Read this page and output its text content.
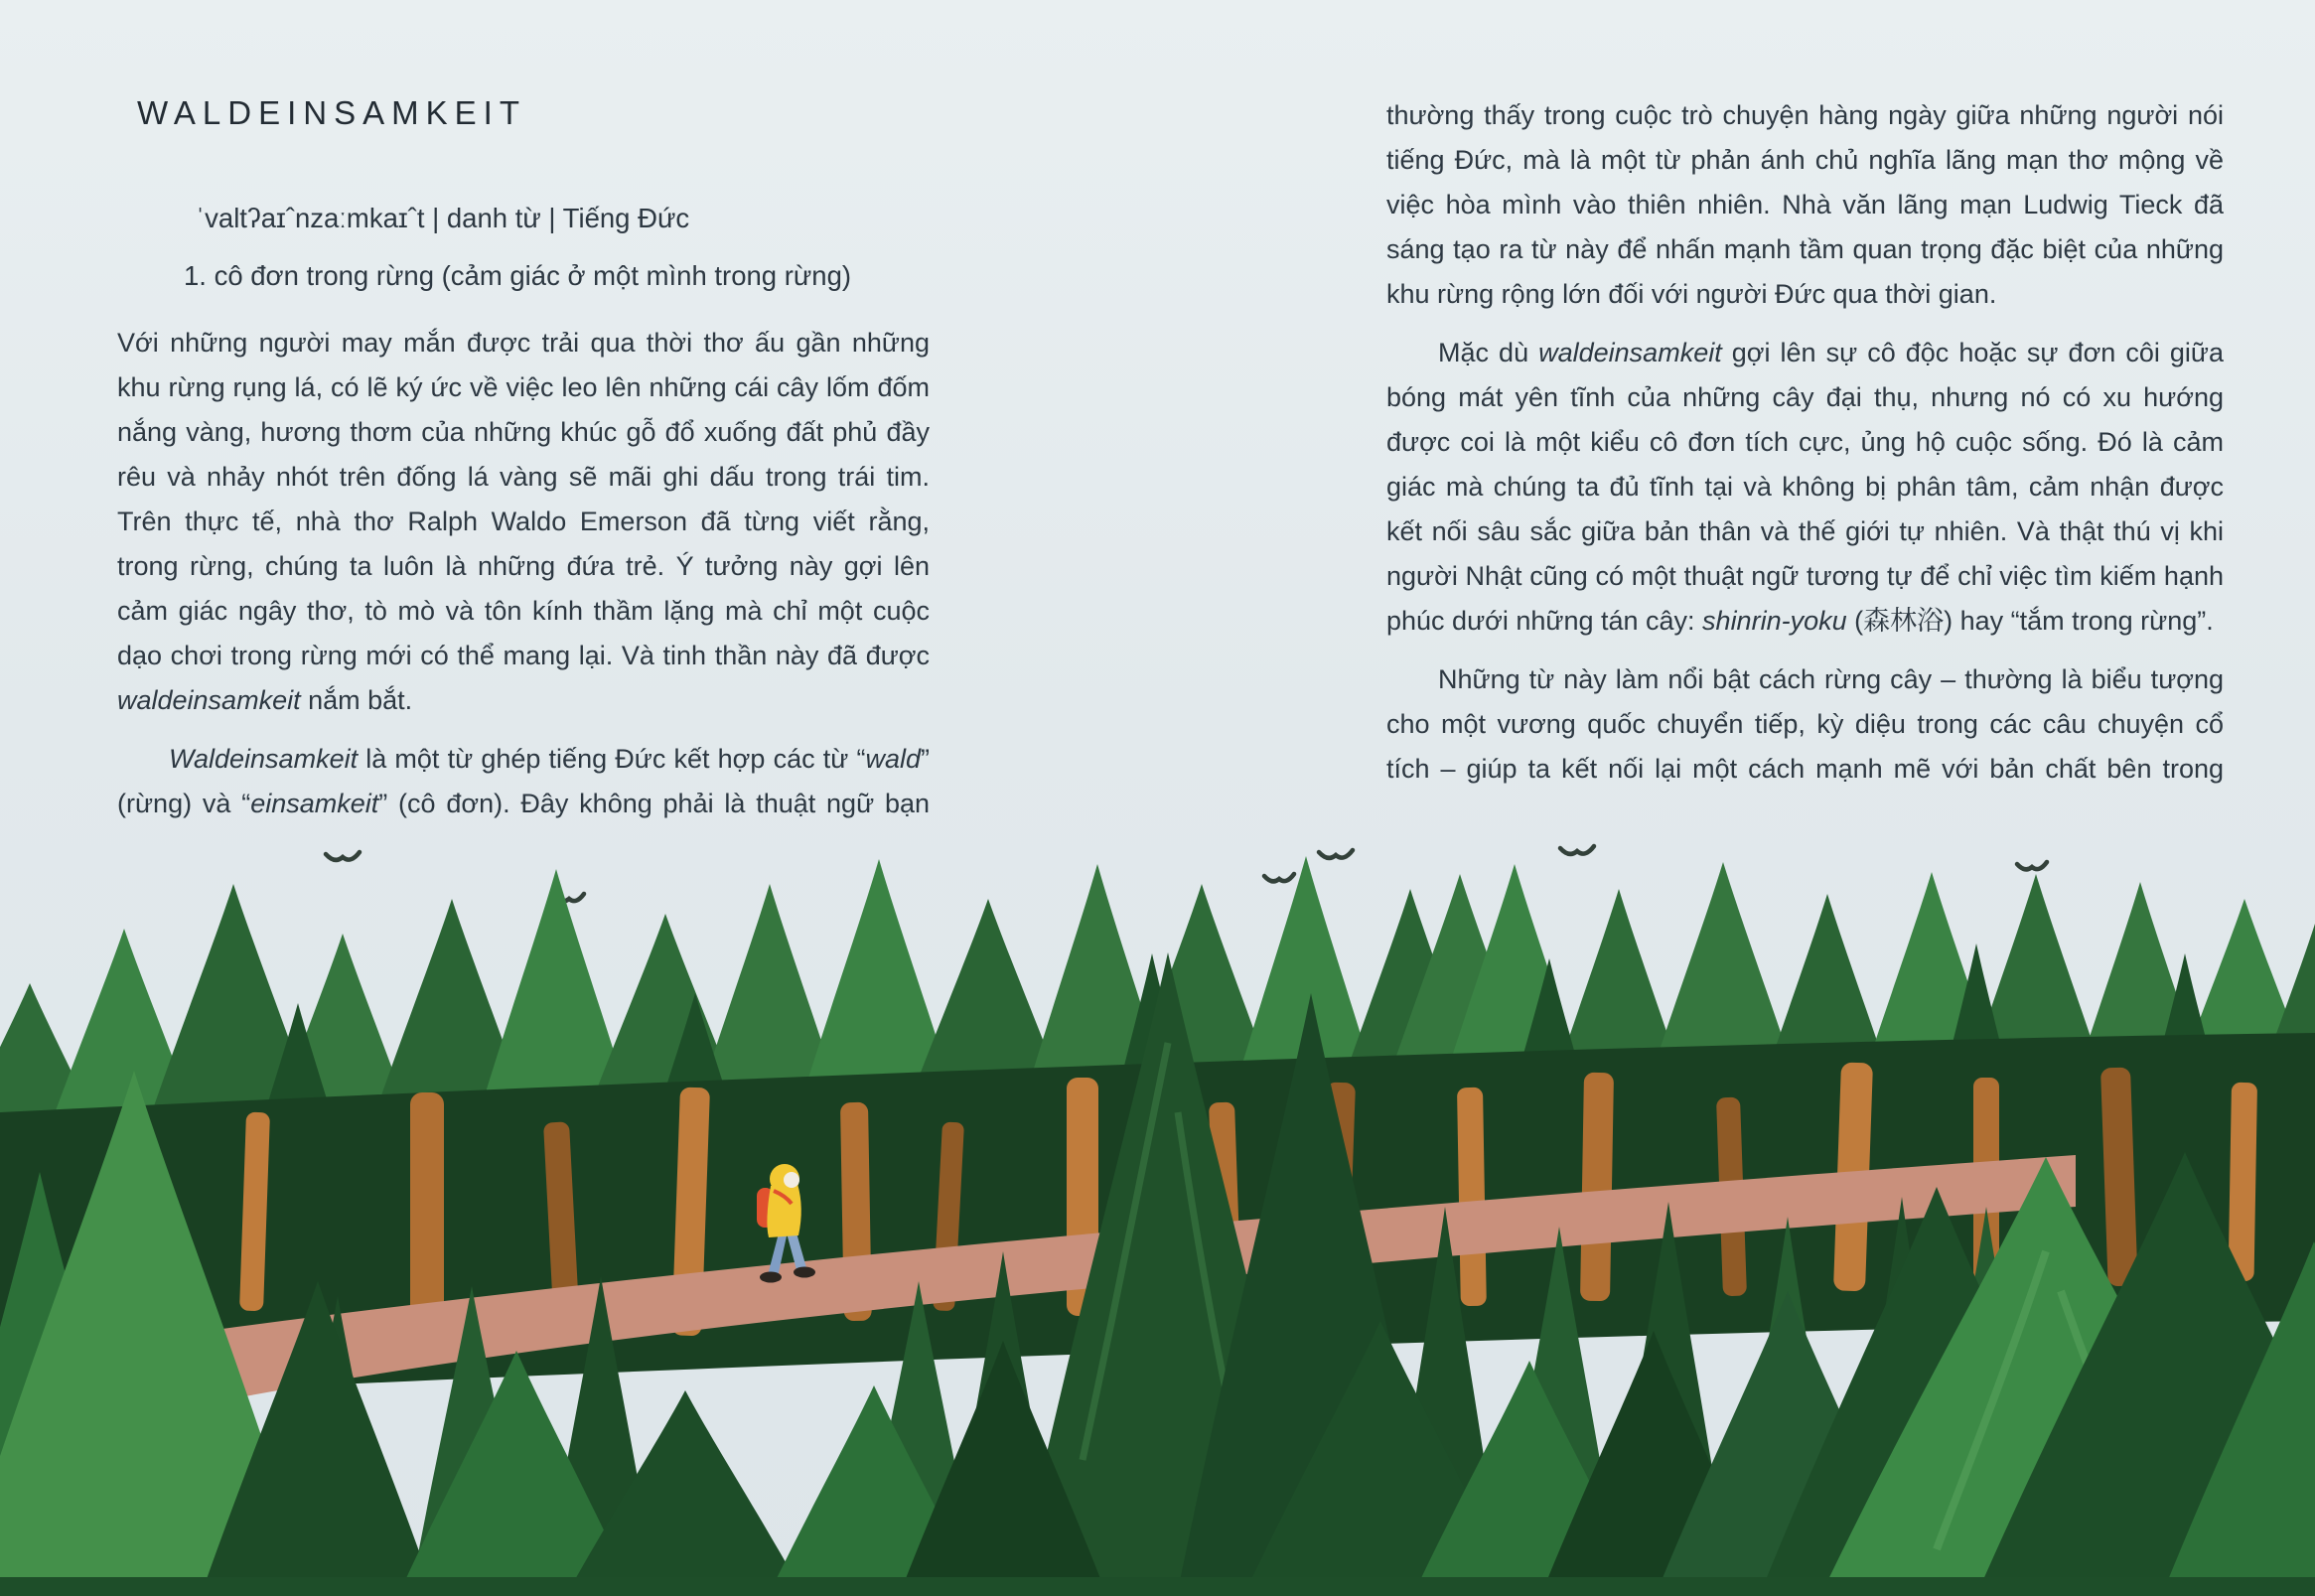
WALDEINSAMKEIT

ˈvaltʔaɪˆnzaːmkaɪˆt | danh từ | Tiếng Đức

1. cô đơn trong rừng (cảm giác ở một mình trong rừng)

Với những người may mắn được trải qua thời thơ ấu gần những khu rừng rụng lá, có lẽ ký ức về việc leo lên những cái cây lốm đốm nắng vàng, hương thơm của những khúc gỗ đổ xuống đất phủ đầy rêu và nhảy nhót trên đống lá vàng sẽ mãi ghi dấu trong trái tim. Trên thực tế, nhà thơ Ralph Waldo Emerson đã từng viết rằng, trong rừng, chúng ta luôn là những đứa trẻ. Ý tưởng này gợi lên cảm giác ngây thơ, tò mò và tôn kính thầm lặng mà chỉ một cuộc dạo chơi trong rừng mới có thể mang lại. Và tinh thần này đã được waldeinsamkeit nắm bắt.

Waldeinsamkeit là một từ ghép tiếng Đức kết hợp các từ “wald” (rừng) và “einsamkeit” (cô đơn). Đây không phải là thuật ngữ bạn

thường thấy trong cuộc trò chuyện hàng ngày giữa những người nói tiếng Đức, mà là một từ phản ánh chủ nghĩa lãng mạn thơ mộng về việc hòa mình vào thiên nhiên. Nhà văn lãng mạn Ludwig Tieck đã sáng tạo ra từ này để nhấn mạnh tầm quan trọng đặc biệt của những khu rừng rộng lớn đối với người Đức qua thời gian.

Mặc dù waldeinsamkeit gợi lên sự cô độc hoặc sự đơn côi giữa bóng mát yên tĩnh của những cây đại thụ, nhưng nó có xu hướng được coi là một kiểu cô đơn tích cực, ủng hộ cuộc sống. Đó là cảm giác mà chúng ta đủ tĩnh tại và không bị phân tâm, cảm nhận được kết nối sâu sắc giữa bản thân và thế giới tự nhiên. Và thật thú vị khi người Nhật cũng có một thuật ngữ tương tự để chỉ việc tìm kiếm hạnh phúc dưới những tán cây: shinrin-yoku (森林浴) hay “tắm trong rừng”.

Những từ này làm nổi bật cách rừng cây – thường là biểu tượng cho một vương quốc chuyển tiếp, kỳ diệu trong các câu chuyện cổ tích – giúp ta kết nối lại một cách mạnh mẽ với bản chất bên trong
